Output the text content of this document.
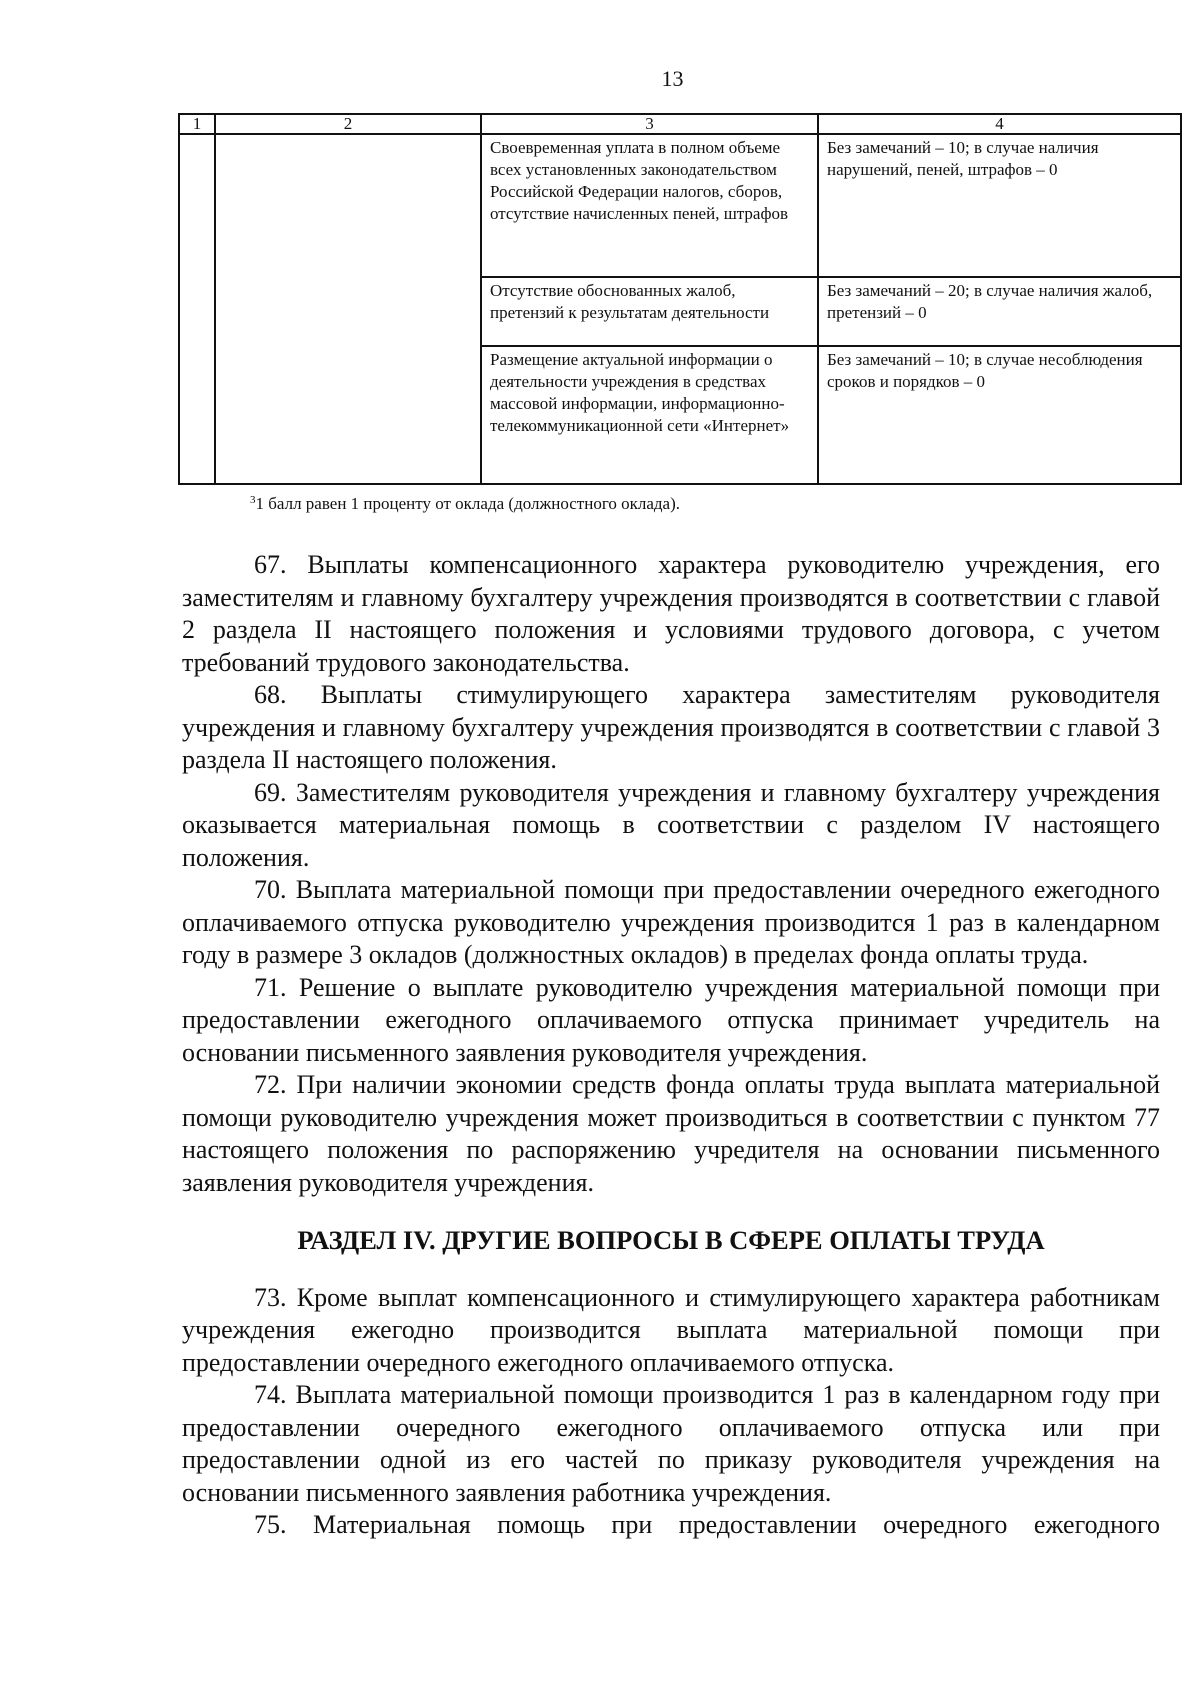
13
1	2	3	4
		Своевременная уплата в полном объеме всех установленных законодательством Российской Федерации налогов, сборов, отсутствие начисленных пеней, штрафов	Без замечаний – 10; в случае наличия нарушений, пеней, штрафов – 0
		Отсутствие обоснованных жалоб, претензий к результатам деятельности	Без замечаний – 20; в случае наличия жалоб, претензий – 0
		Размещение актуальной информации о деятельности учреждения в средствах массовой информации, информационно-телекоммуникационной сети «Интернет»	Без замечаний – 10; в случае несоблюдения сроков и порядков – 0
$^3$1 балл равен 1 проценту от оклада (должностного оклада).

67. Выплаты компенсационного характера руководителю учреждения, его заместителям и главному бухгалтеру учреждения производятся в соответствии с главой 2 раздела II настоящего положения и условиями трудового договора, с учетом требований трудового законодательства.

68. Выплаты стимулирующего характера заместителям руководителя учреждения и главному бухгалтеру учреждения производятся в соответствии с главой 3 раздела II настоящего положения.

69. Заместителям руководителя учреждения и главному бухгалтеру учреждения оказывается материальная помощь в соответствии с разделом IV настоящего положения.

70. Выплата материальной помощи при предоставлении очередного ежегодного оплачиваемого отпуска руководителю учреждения производится 1 раз в календарном году в размере 3 окладов (должностных окладов) в пределах фонда оплаты труда.

71. Решение о выплате руководителю учреждения материальной помощи при предоставлении ежегодного оплачиваемого отпуска принимает учредитель на основании письменного заявления руководителя учреждения.

72. При наличии экономии средств фонда оплаты труда выплата материальной помощи руководителю учреждения может производиться в соответствии с пунктом 77 настоящего положения по распоряжению учредителя на основании письменного заявления руководителя учреждения.

РАЗДЕЛ IV. ДРУГИЕ ВОПРОСЫ В СФЕРЕ ОПЛАТЫ ТРУДА

73. Кроме выплат компенсационного и стимулирующего характера работникам учреждения ежегодно производится выплата материальной помощи при предоставлении очередного ежегодного оплачиваемого отпуска.

74. Выплата материальной помощи производится 1 раз в календарном году при предоставлении очередного ежегодного оплачиваемого отпуска или при предоставлении одной из его частей по приказу руководителя учреждения на основании письменного заявления работника учреждения.

75. Материальная помощь при предоставлении очередного ежегодного
